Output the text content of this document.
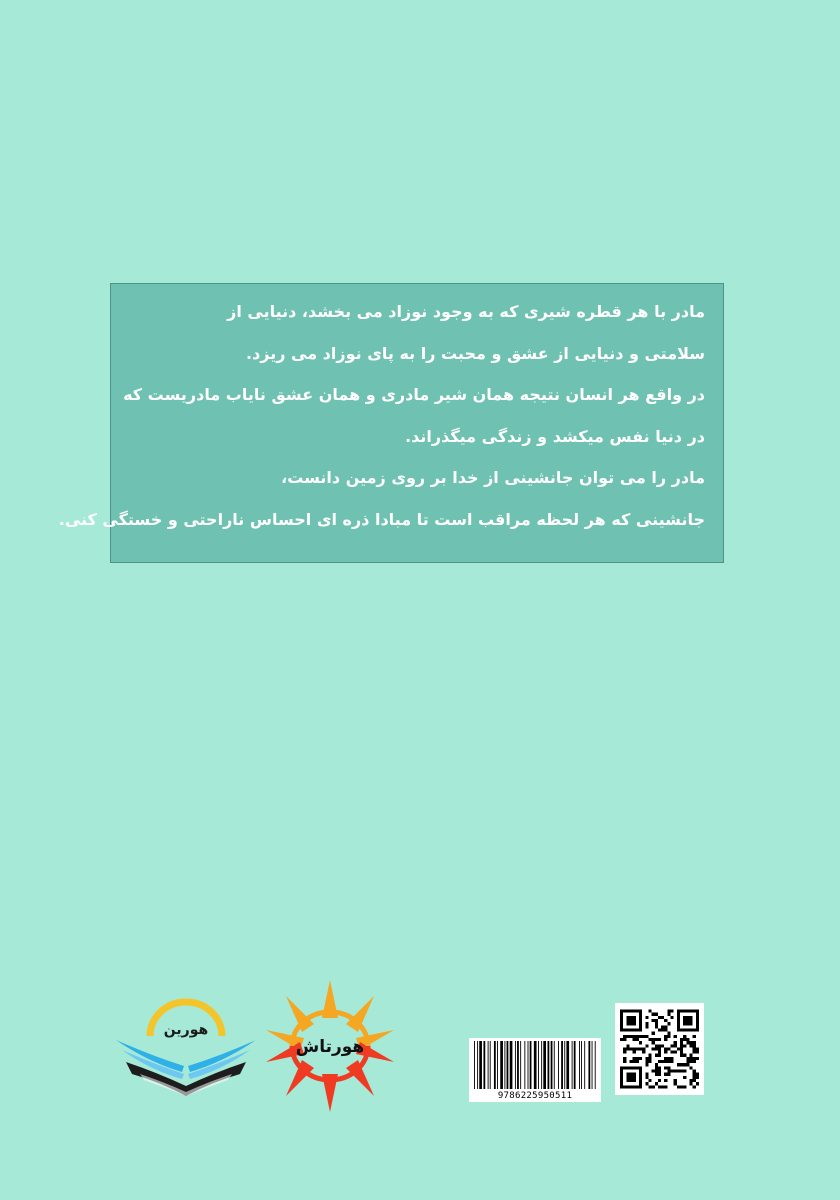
مادر با هر قطره شیری که به وجود نوزاد می بخشد، دنیایی از
سلامتی و دنیایی از عشق و محبت را به پای نوزاد می ریزد.
در واقع هر انسان نتیجه همان شیر مادری و همان عشق نایاب مادریست که
در دنیا نفس میکشد و زندگی میگذراند.
مادر را می توان جانشینی از خدا بر روی زمین دانست،
جانشینی که هر لحظه مراقب است تا مبادا ذره ای احساس ناراحتی و خستگی کنی.
هورین
هورتاش
9786225950511
